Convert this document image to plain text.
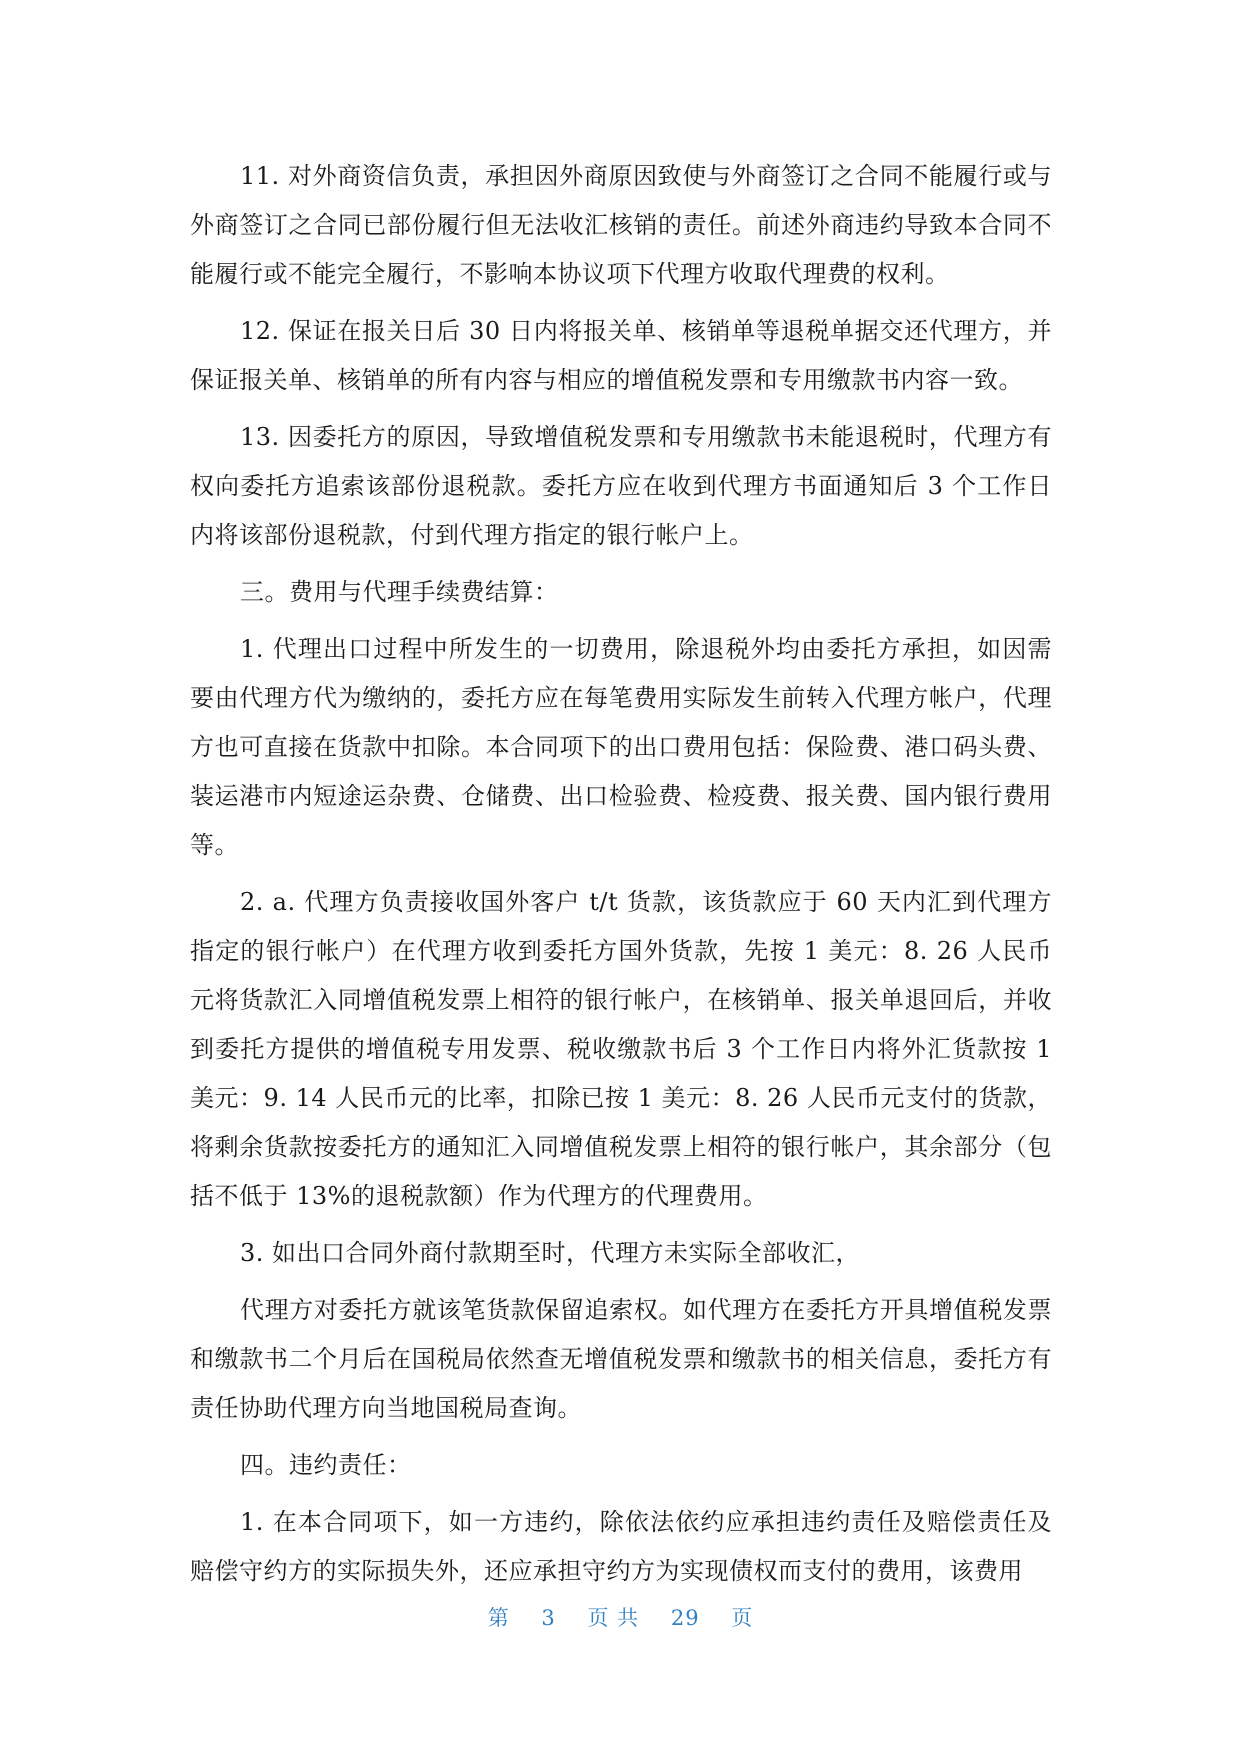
11. 对外商资信负责，承担因外商原因致使与外商签订之合同不能履行或与外商签订之合同已部份履行但无法收汇核销的责任。前述外商违约导致本合同不能履行或不能完全履行，不影响本协议项下代理方收取代理费的权利。

12. 保证在报关日后 30 日内将报关单、核销单等退税单据交还代理方，并保证报关单、核销单的所有内容与相应的增值税发票和专用缴款书内容一致。

13. 因委托方的原因，导致增值税发票和专用缴款书未能退税时，代理方有权向委托方追索该部份退税款。委托方应在收到代理方书面通知后 3 个工作日内将该部份退税款，付到代理方指定的银行帐户上。

三。费用与代理手续费结算：

1. 代理出口过程中所发生的一切费用，除退税外均由委托方承担，如因需要由代理方代为缴纳的，委托方应在每笔费用实际发生前转入代理方帐户，代理方也可直接在货款中扣除。本合同项下的出口费用包括：保险费、港口码头费、装运港市内短途运杂费、仓储费、出口检验费、检疫费、报关费、国内银行费用等。

2. a. 代理方负责接收国外客户 t/t 货款，该货款应于 60 天内汇到代理方指定的银行帐户）在代理方收到委托方国外货款，先按 1 美元：8. 26 人民币元将货款汇入同增值税发票上相符的银行帐户，在核销单、报关单退回后，并收到委托方提供的增值税专用发票、税收缴款书后 3 个工作日内将外汇货款按 1 美元：9. 14 人民币元的比率，扣除已按 1 美元：8. 26 人民币元支付的货款，将剩余货款按委托方的通知汇入同增值税发票上相符的银行帐户，其余部分（包括不低于 13%的退税款额）作为代理方的代理费用。

3. 如出口合同外商付款期至时，代理方未实际全部收汇，

代理方对委托方就该笔货款保留追索权。如代理方在委托方开具增值税发票和缴款书二个月后在国税局依然查无增值税发票和缴款书的相关信息，委托方有责任协助代理方向当地国税局查询。

四。违约责任：

1. 在本合同项下，如一方违约，除依法依约应承担违约责任及赔偿责任及赔偿守约方的实际损失外，还应承担守约方为实现债权而支付的费用，该费用

第 3 页 共 29 页
